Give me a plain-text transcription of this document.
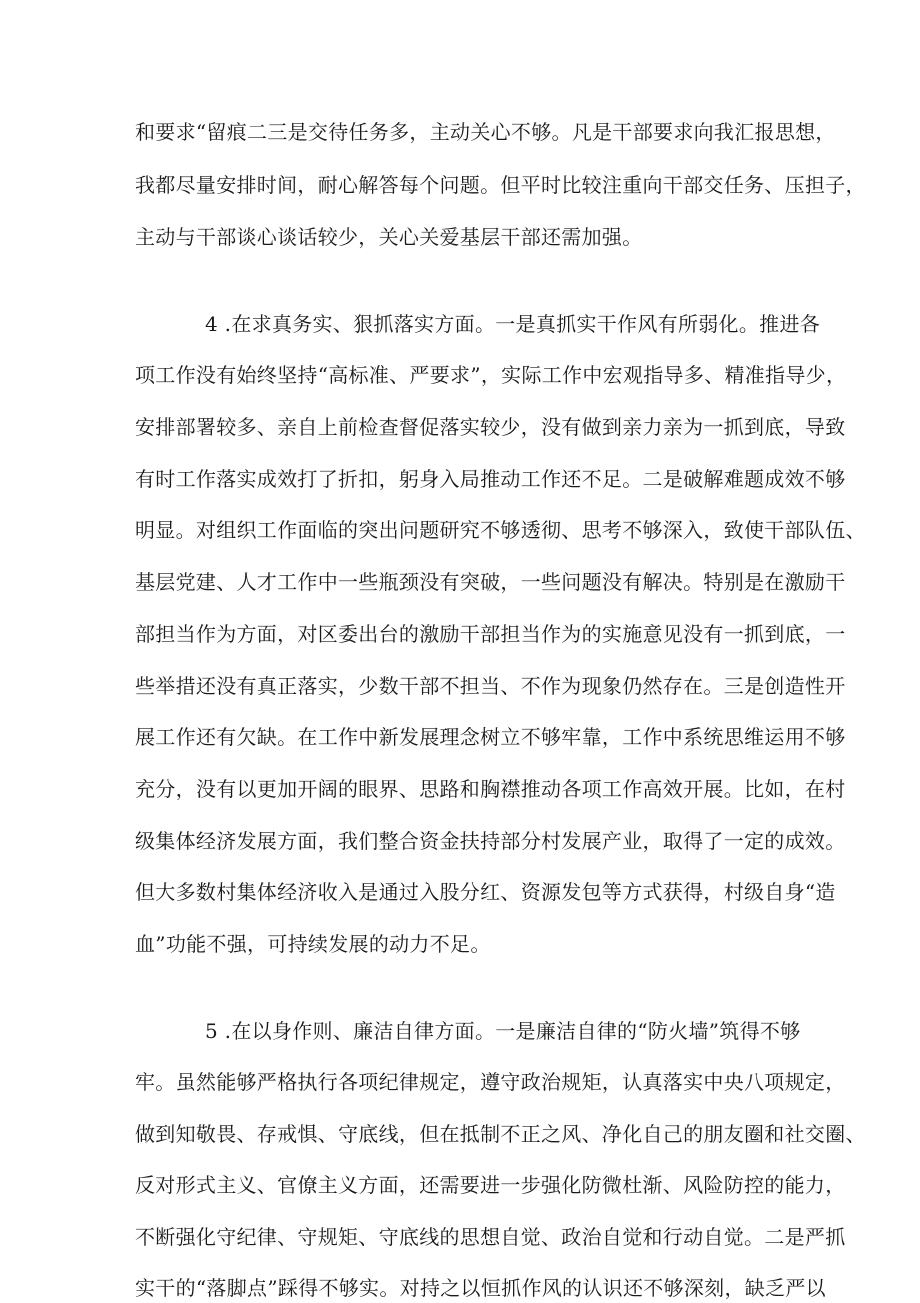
和要求“留痕二三是交待任务多，主动关心不够。凡是干部要求向我汇报思想，
我都尽量安排时间，耐心解答每个问题。但平时比较注重向干部交任务、压担子，
主动与干部谈心谈话较少，关心关爱基层干部还需加强。
4 .在求真务实、狠抓落实方面。一是真抓实干作风有所弱化。推进各
项工作没有始终坚持“高标准、严要求”，实际工作中宏观指导多、精准指导少，
安排部署较多、亲自上前检查督促落实较少，没有做到亲力亲为一抓到底，导致
有时工作落实成效打了折扣，躬身入局推动工作还不足。二是破解难题成效不够
明显。对组织工作面临的突出问题研究不够透彻、思考不够深入，致使干部队伍、
基层党建、人才工作中一些瓶颈没有突破，一些问题没有解决。特别是在激励干
部担当作为方面，对区委出台的激励干部担当作为的实施意见没有一抓到底，一
些举措还没有真正落实，少数干部不担当、不作为现象仍然存在。三是创造性开
展工作还有欠缺。在工作中新发展理念树立不够牢靠，工作中系统思维运用不够
充分，没有以更加开阔的眼界、思路和胸襟推动各项工作高效开展。比如，在村
级集体经济发展方面，我们整合资金扶持部分村发展产业，取得了一定的成效。
但大多数村集体经济收入是通过入股分红、资源发包等方式获得，村级自身“造
血”功能不强，可持续发展的动力不足。
5 .在以身作则、廉洁自律方面。一是廉洁自律的“防火墙”筑得不够
牢。虽然能够严格执行各项纪律规定，遵守政治规矩，认真落实中央八项规定，
做到知敬畏、存戒惧、守底线，但在抵制不正之风、净化自己的朋友圈和社交圈、
反对形式主义、官僚主义方面，还需要进一步强化防微杜渐、风险防控的能力，
不断强化守纪律、守规矩、守底线的思想自觉、政治自觉和行动自觉。二是严抓
实干的“落脚点”踩得不够实。对持之以恒抓作风的认识还不够深刻，缺乏严以
